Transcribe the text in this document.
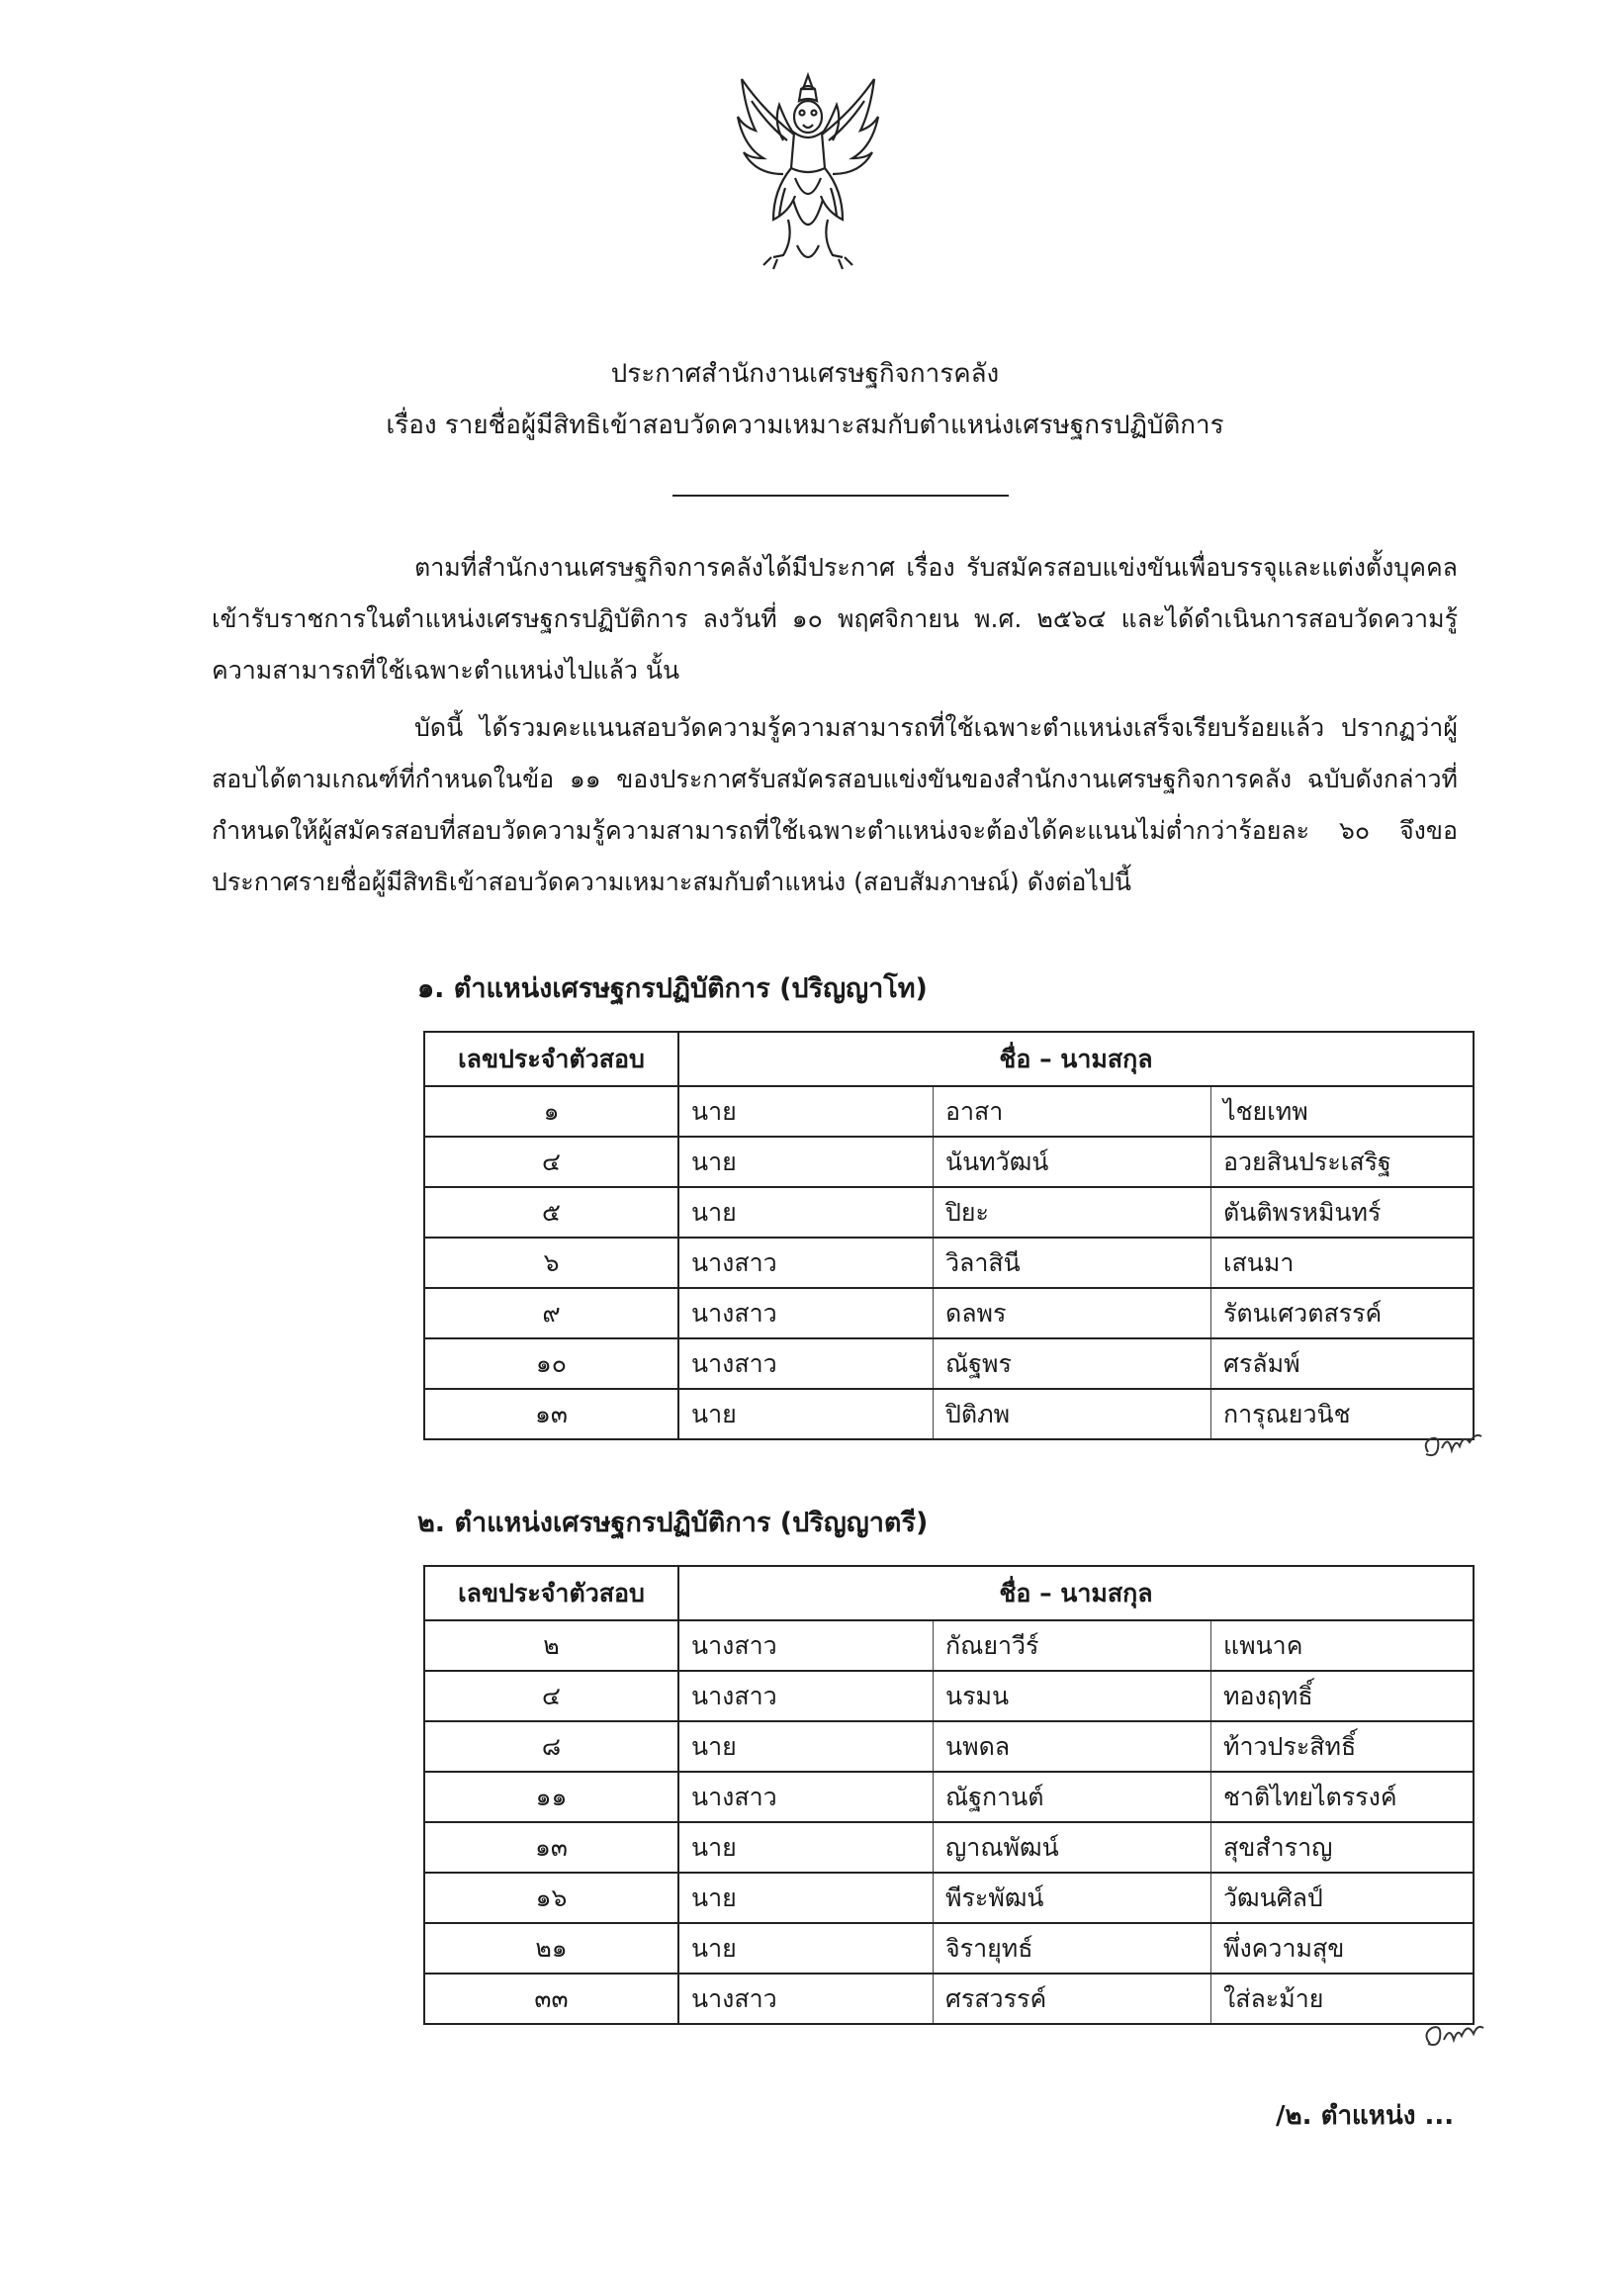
ประกาศสำนักงานเศรษฐกิจการคลัง
เรื่อง รายชื่อผู้มีสิทธิเข้าสอบวัดความเหมาะสมกับตำแหน่งเศรษฐกรปฏิบัติการ
ตามที่สำนักงานเศรษฐกิจการคลังได้มีประกาศ เรื่อง รับสมัครสอบแข่งขันเพื่อบรรจุและแต่งตั้งบุคคลเข้ารับราชการในตำแหน่งเศรษฐกรปฏิบัติการ ลงวันที่ ๑๐ พฤศจิกายน พ.ศ. ๒๕๖๔ และได้ดำเนินการสอบวัดความรู้ความสามารถที่ใช้เฉพาะตำแหน่งไปแล้ว นั้น
บัดนี้ ได้รวมคะแนนสอบวัดความรู้ความสามารถที่ใช้เฉพาะตำแหน่งเสร็จเรียบร้อยแล้ว ปรากฏว่าผู้สอบได้ตามเกณฑ์ที่กำหนดในข้อ ๑๑ ของประกาศรับสมัครสอบแข่งขันของสำนักงานเศรษฐกิจการคลัง ฉบับดังกล่าวที่กำหนดให้ผู้สมัครสอบที่สอบวัดความรู้ความสามารถที่ใช้เฉพาะตำแหน่งจะต้องได้คะแนนไม่ต่ำกว่าร้อยละ ๖๐ จึงขอประกาศรายชื่อผู้มีสิทธิเข้าสอบวัดความเหมาะสมกับตำแหน่ง (สอบสัมภาษณ์) ดังต่อไปนี้
๑. ตำแหน่งเศรษฐกรปฏิบัติการ (ปริญญาโท)
เลขประจำตัวสอบ	ชื่อ – นามสกุล		
๑	นาย	อาสา	ไชยเทพ
๔	นาย	นันทวัฒน์	อวยสินประเสริฐ
๕	นาย	ปิยะ	ตันติพรหมินทร์
๖	นางสาว	วิลาสินี	เสนมา
๙	นางสาว	ดลพร	รัตนเศวตสรรค์
๑๐	นางสาว	ณัฐพร	ศรลัมพ์
๑๓	นาย	ปิติภพ	การุณยวนิช
๒. ตำแหน่งเศรษฐกรปฏิบัติการ (ปริญญาตรี)
เลขประจำตัวสอบ	ชื่อ – นามสกุล		
๒	นางสาว	กัณยาวีร์	แพนาค
๔	นางสาว	นรมน	ทองฤทธิ์
๘	นาย	นพดล	ท้าวประสิทธิ์
๑๑	นางสาว	ณัฐกานต์	ชาติไทยไตรรงค์
๑๓	นาย	ญาณพัฒน์	สุขสำราญ
๑๖	นาย	พีระพัฒน์	วัฒนศิลป์
๒๑	นาย	จิรายุทธ์	พึ่งความสุข
๓๓	นางสาว	ศรสวรรค์	ใส่ละม้าย
/๒. ตำแหน่ง ...
